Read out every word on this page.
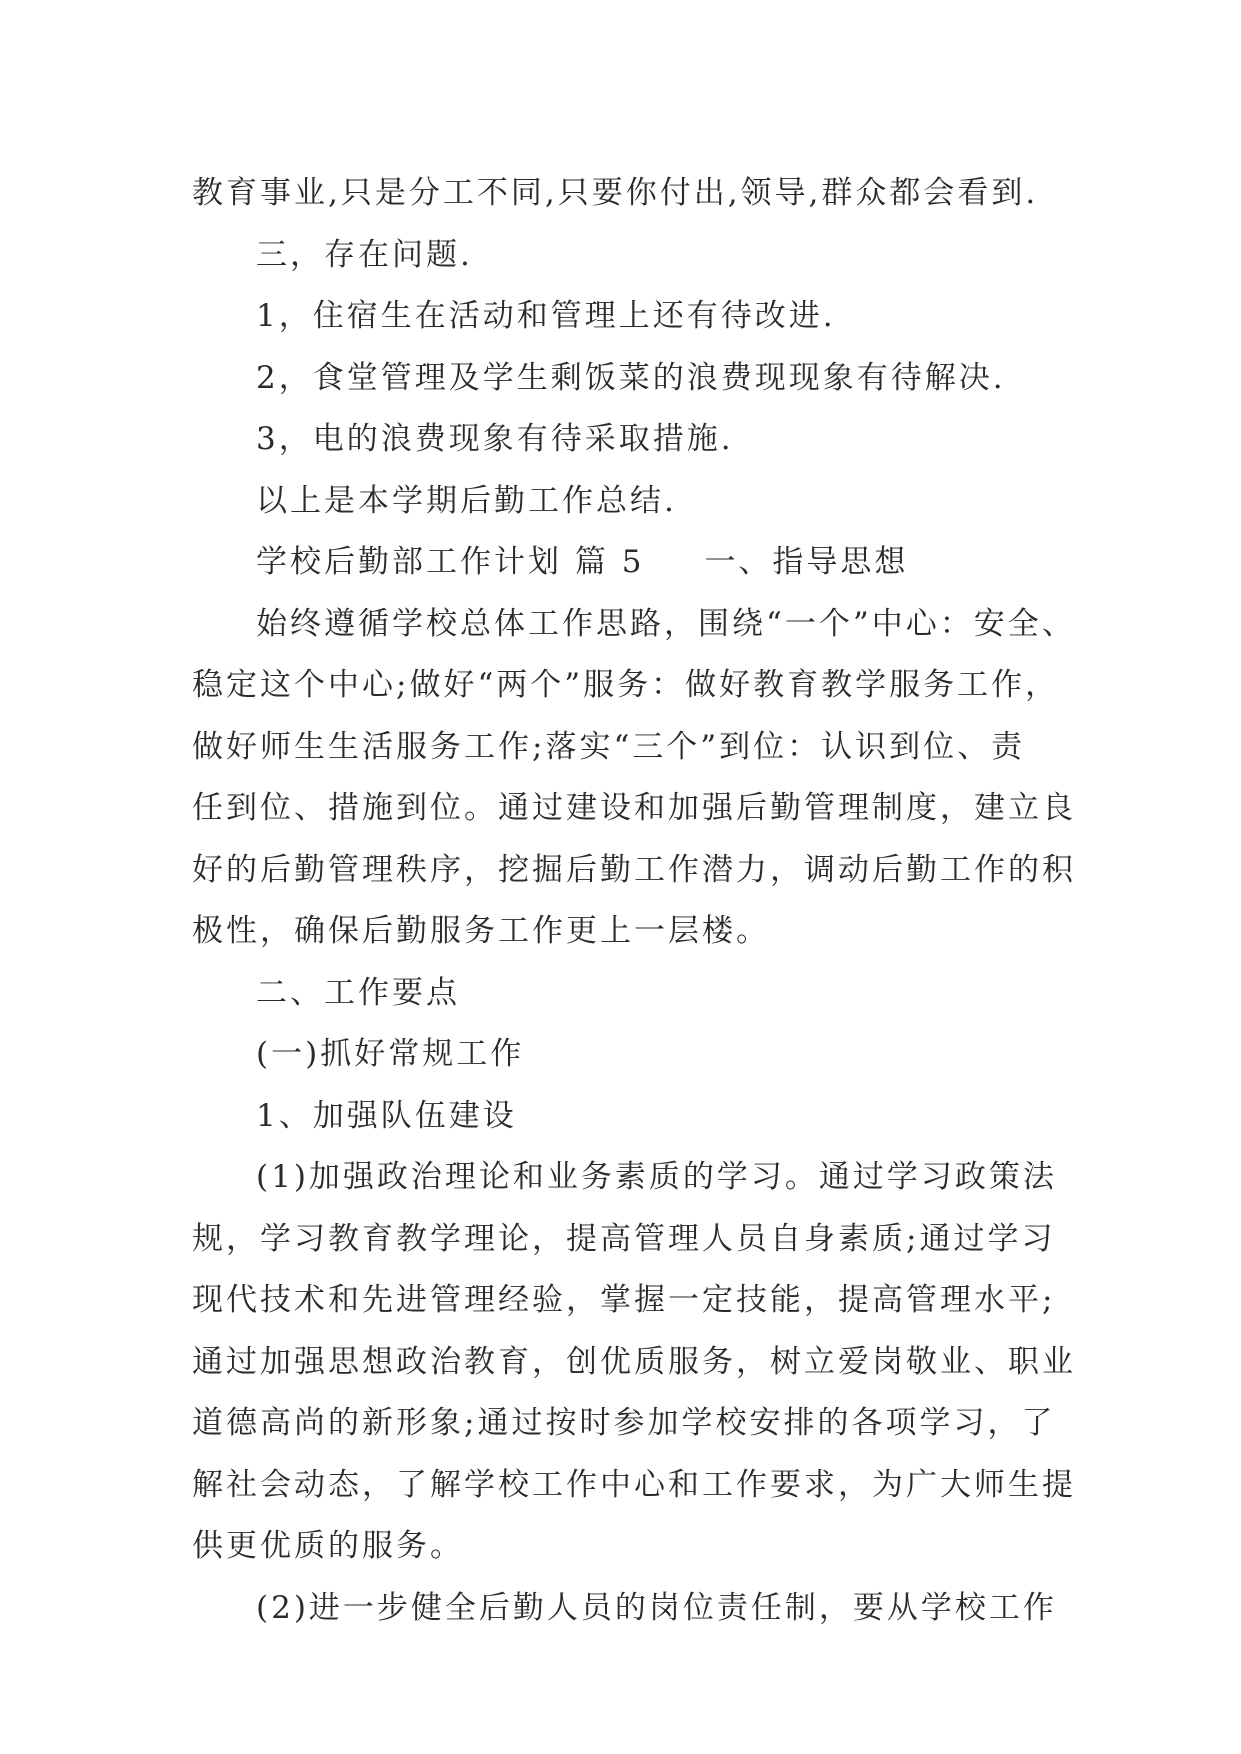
教育事业,只是分工不同,只要你付出,领导,群众都会看到.
三，存在问题.
1，住宿生在活动和管理上还有待改进.
2，食堂管理及学生剩饭菜的浪费现现象有待解决.
3，电的浪费现象有待采取措施.
以上是本学期后勤工作总结.
学校后勤部工作计划 篇 5 一、指导思想
始终遵循学校总体工作思路，围绕“一个”中心：安全、
稳定这个中心;做好“两个”服务：做好教育教学服务工作，
做好师生生活服务工作;落实“三个”到位：认识到位、责
任到位、措施到位。通过建设和加强后勤管理制度，建立良
好的后勤管理秩序，挖掘后勤工作潜力，调动后勤工作的积
极性，确保后勤服务工作更上一层楼。
二、工作要点
(一)抓好常规工作
1、加强队伍建设
(1)加强政治理论和业务素质的学习。通过学习政策法
规，学习教育教学理论，提高管理人员自身素质;通过学习
现代技术和先进管理经验，掌握一定技能，提高管理水平;
通过加强思想政治教育，创优质服务，树立爱岗敬业、职业
道德高尚的新形象;通过按时参加学校安排的各项学习，了
解社会动态，了解学校工作中心和工作要求，为广大师生提
供更优质的服务。
(2)进一步健全后勤人员的岗位责任制，要从学校工作
